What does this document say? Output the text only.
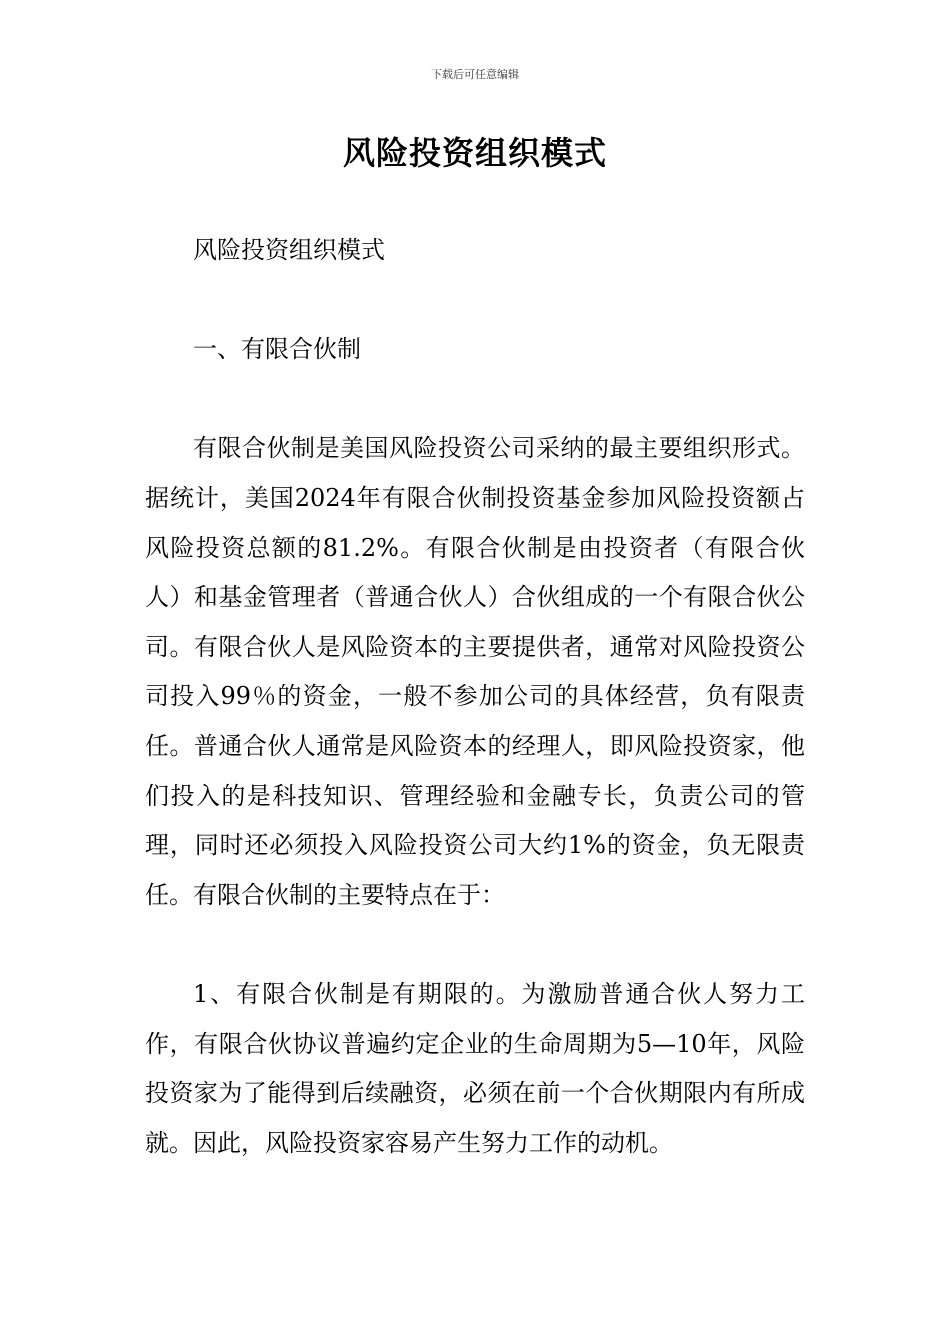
下载后可任意编辑
风险投资组织模式

风险投资组织模式

一、有限合伙制

有限合伙制是美国风险投资公司采纳的最主要组织形式。据统计，美国2024年有限合伙制投资基金参加风险投资额占风险投资总额的81.2%。有限合伙制是由投资者（有限合伙人）和基金管理者（普通合伙人）合伙组成的一个有限合伙公司。有限合伙人是风险资本的主要提供者，通常对风险投资公司投入99％的资金，一般不参加公司的具体经营，负有限责任。普通合伙人通常是风险资本的经理人，即风险投资家，他们投入的是科技知识、管理经验和金融专长，负责公司的管理，同时还必须投入风险投资公司大约1%的资金，负无限责任。有限合伙制的主要特点在于：

1、有限合伙制是有期限的。为激励普通合伙人努力工作，有限合伙协议普遍约定企业的生命周期为5—10年，风险投资家为了能得到后续融资，必须在前一个合伙期限内有所成就。因此，风险投资家容易产生努力工作的动机。
